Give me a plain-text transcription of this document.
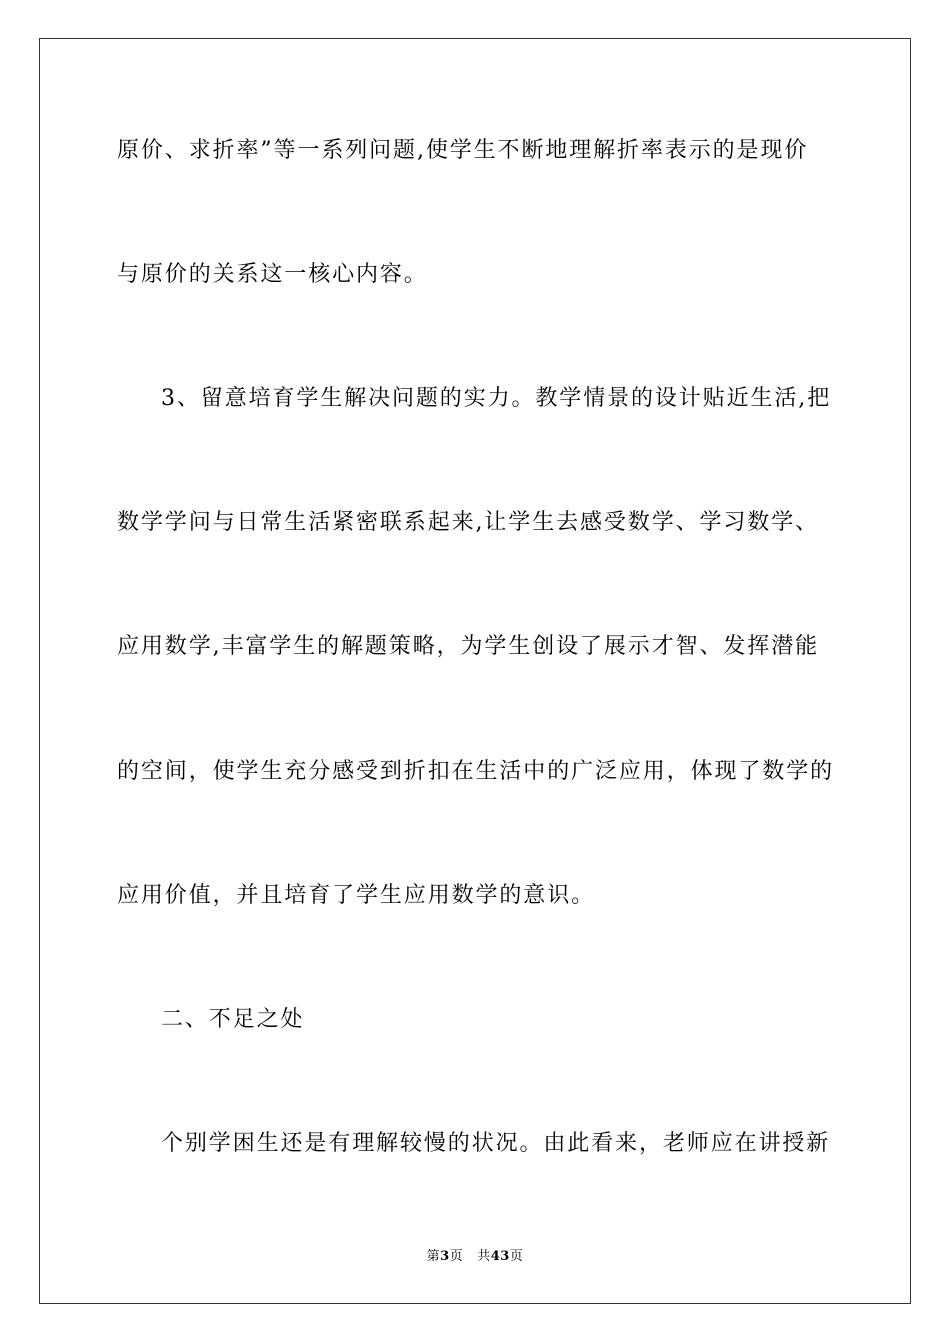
原价、求折率”等一系列问题,使学生不断地理解折率表示的是现价
与原价的关系这一核心内容。
3、留意培育学生解决问题的实力。教学情景的设计贴近生活,把
数学学问与日常生活紧密联系起来,让学生去感受数学、学习数学、
应用数学,丰富学生的解题策略，为学生创设了展示才智、发挥潜能
的空间，使学生充分感受到折扣在生活中的广泛应用，体现了数学的
应用价值，并且培育了学生应用数学的意识。
二、不足之处
个别学困生还是有理解较慢的状况。由此看来，老师应在讲授新
第3页 共43页
